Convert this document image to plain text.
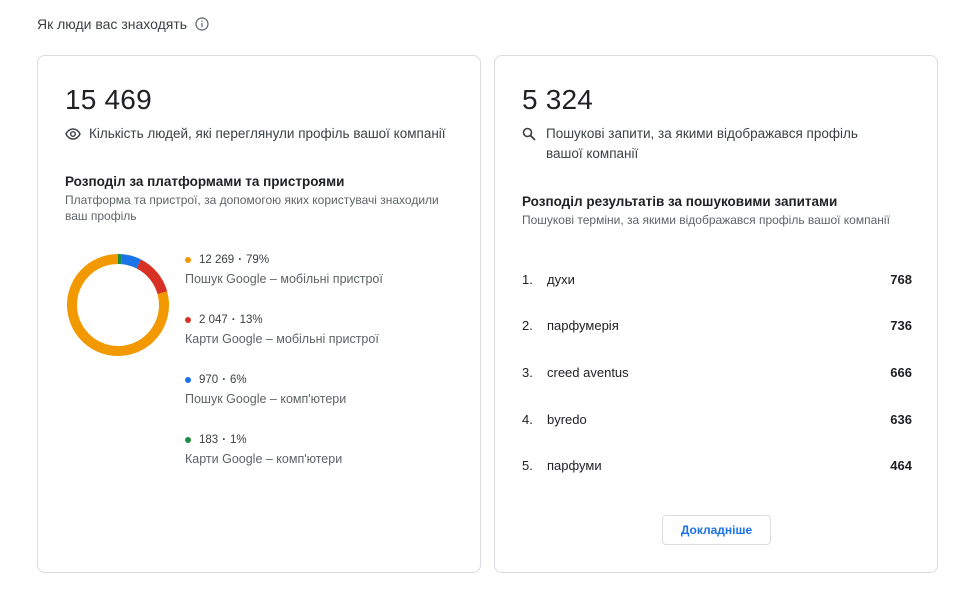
Як люди вас знаходять
15 469
Кількість людей, які переглянули профіль вашої компанії
Розподіл за платформами та пристроями
Платформа та пристрої, за допомогою яких користувачі знаходили ваш профіль
12 269 · 79%
Пошук Google – мобільні пристрої
2 047 · 13%
Карти Google – мобільні пристрої
970 · 6%
Пошук Google – комп'ютери
183 · 1%
Карти Google – комп'ютери
5 324
Пошукові запити, за якими відображався профіль вашої компанії
Розподіл результатів за пошуковими запитами
Пошукові терміни, за якими відображався профіль вашої компанії
1.	духи	768
2.	парфумерія	736
3.	creed aventus	666
4.	byredo	636
5.	парфуми	464
Докладніше
